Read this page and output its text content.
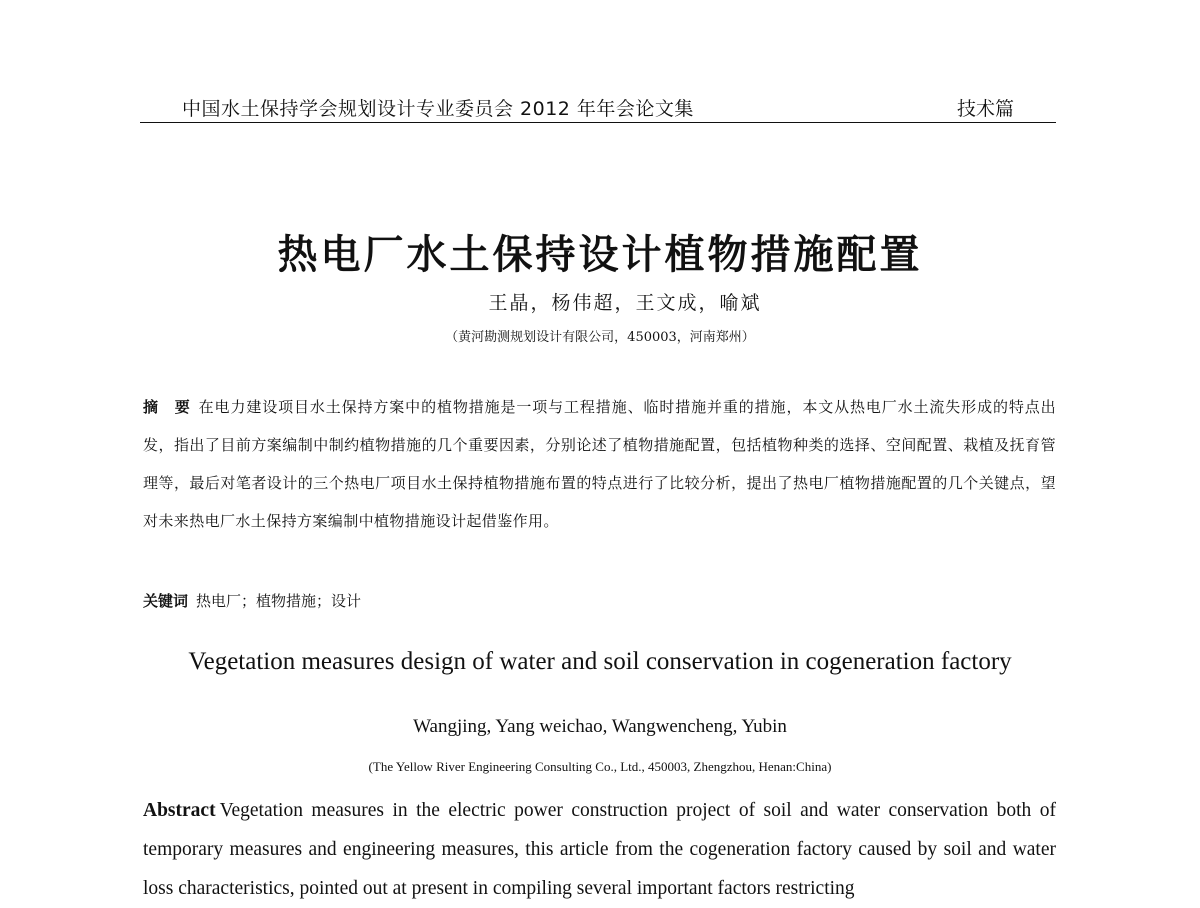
中国水土保持学会规划设计专业委员会 2012 年年会论文集	技术篇
热电厂水土保持设计植物措施配置
王晶，杨伟超，王文成，喻斌
（黄河勘测规划设计有限公司，450003，河南郑州）
摘　要 在电力建设项目水土保持方案中的植物措施是一项与工程措施、临时措施并重的措施，本文从热电厂水土流失形成的特点出发，指出了目前方案编制中制约植物措施的几个重要因素，分别论述了植物措施配置，包括植物种类的选择、空间配置、栽植及抚育管理等，最后对笔者设计的三个热电厂项目水土保持植物措施布置的特点进行了比较分析，提出了热电厂植物措施配置的几个关键点，望对未来热电厂水土保持方案编制中植物措施设计起借鉴作用。
关键词 热电厂；植物措施；设计
Vegetation measures design of water and soil conservation in cogeneration factory
Wangjing, Yang weichao, Wangwencheng, Yubin
(The Yellow River Engineering Consulting Co., Ltd., 450003, Zhengzhou, Henan:China)
Abstract Vegetation measures in the electric power construction project of soil and water conservation both of temporary measures and engineering measures, this article from the cogeneration factory caused by soil and water loss characteristics, pointed out at present in compiling several important factors restricting
